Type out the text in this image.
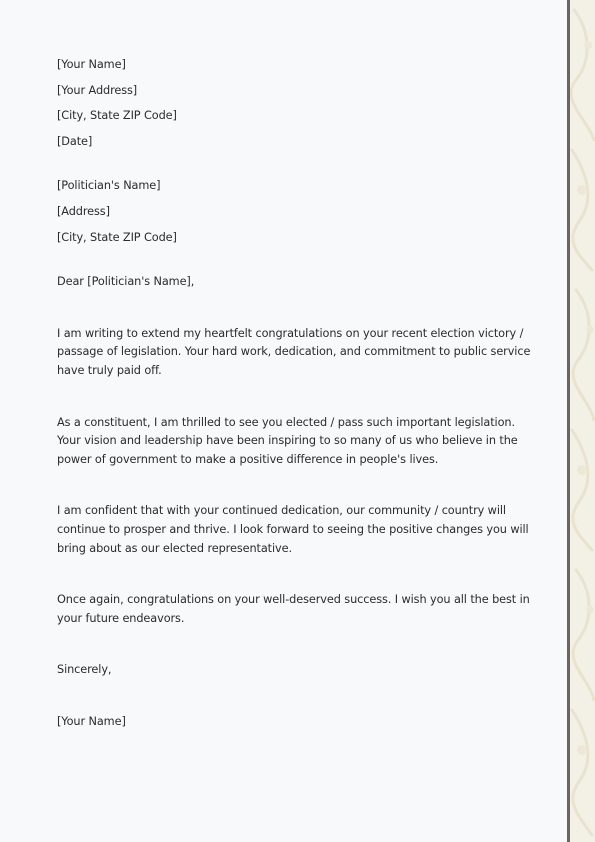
[Your Name]

[Your Address]

[City, State ZIP Code]

[Date]

[Politician's Name]

[Address]

[City, State ZIP Code]

Dear [Politician's Name],

I am writing to extend my heartfelt congratulations on your recent election victory /

passage of legislation. Your hard work, dedication, and commitment to public service

have truly paid off.

As a constituent, I am thrilled to see you elected / pass such important legislation.

Your vision and leadership have been inspiring to so many of us who believe in the

power of government to make a positive difference in people's lives.

I am confident that with your continued dedication, our community / country will

continue to prosper and thrive. I look forward to seeing the positive changes you will

bring about as our elected representative.

Once again, congratulations on your well-deserved success. I wish you all the best in

your future endeavors.

Sincerely,

[Your Name]
